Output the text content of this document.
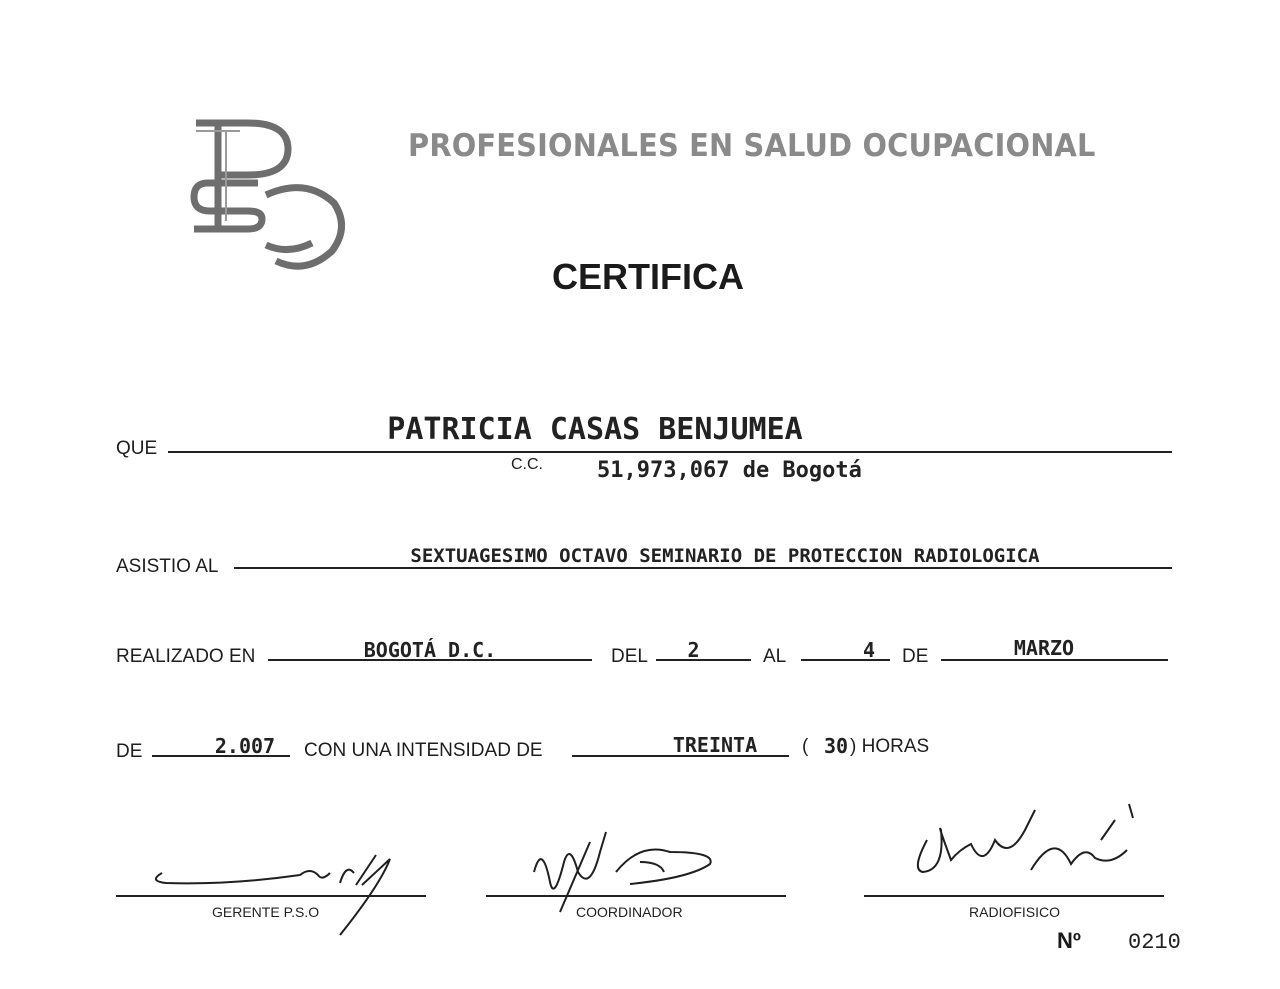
PROFESIONALES EN SALUD OCUPACIONAL
CERTIFICA
QUE
PATRICIA CASAS BENJUMEA
C.C. 51,973,067 de Bogotá
ASISTIO AL	SEXTUAGESIMO OCTAVO SEMINARIO DE PROTECCION RADIOLOGICA
REALIZADO EN	BOGOTÁ D.C.	DEL	2	AL	4	DE	MARZO
DE	2.007	CON UNA INTENSIDAD DE	TREINTA	( 30 ) HORAS
GERENTE P.S.O	COORDINADOR	RADIOFISICO
Nº 0210
